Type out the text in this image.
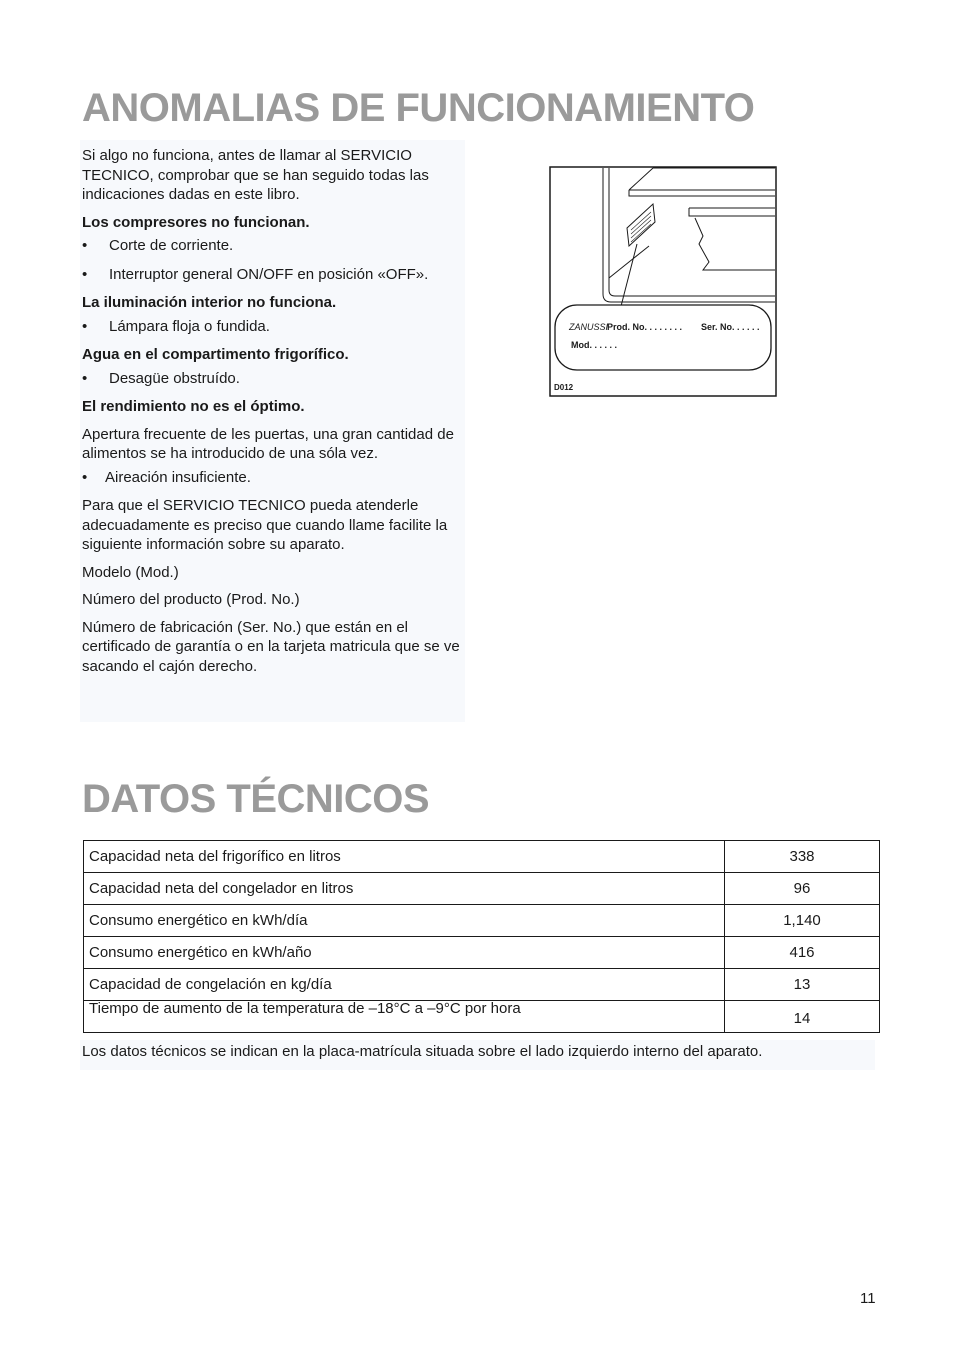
ANOMALIAS DE FUNCIONAMIENTO

Si algo no funciona, antes de llamar al SERVICIO TECNICO, comprobar que se han seguido todas las indicaciones dadas en este libro.

Los compresores no funcionan.

• Corte de corriente.

• Interruptor general ON/OFF en posición «OFF».

La iluminación interior no funciona.

• Lámpara floja o fundida.

Agua en el compartimento frigorífico.

• Desagüe obstruído.

El rendimiento no es el óptimo.

Apertura frecuente de les puertas, una gran cantidad de alimentos se ha introducido de una sóla vez.

• Aireación insuficiente.

Para que el SERVICIO TECNICO pueda atenderle adecuadamente es preciso que cuando llame facilite la siguiente información sobre su aparato.

Modelo (Mod.)

Número del producto (Prod. No.)

Número de fabricación (Ser. No.) que están en el certificado de garantía o en la tarjeta matricula que se ve sacando el cajón derecho.

ZANUSSI
Prod. No. . . . . . . . Ser. No. . . . . .
Mod. . . . . .
D012
DATOS TÉCNICOS
Capacidad neta del frigorífico en litros	338
Capacidad neta del congelador en litros	96
Consumo energético en kWh/día	1,140
Consumo energético en kWh/año	416
Capacidad de congelación en kg/día	13
Tiempo de aumento de la temperatura de –18°C a –9°C por hora	14
Los datos técnicos se indican en la placa-matrícula situada sobre el lado izquierdo interno del aparato.
11
